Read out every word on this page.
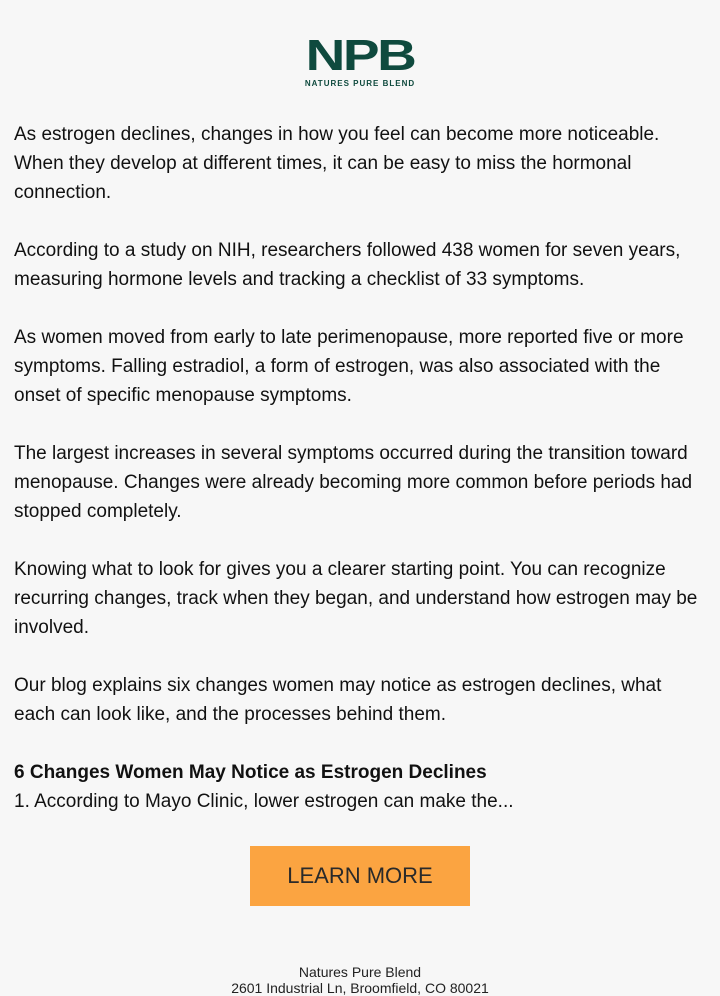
NPB
NATURES PURE BLEND

As estrogen declines, changes in how you feel can become more noticeable. When they develop at different times, it can be easy to miss the hormonal connection.

According to a study on NIH, researchers followed 438 women for seven years, measuring hormone levels and tracking a checklist of 33 symptoms.

As women moved from early to late perimenopause, more reported five or more symptoms. Falling estradiol, a form of estrogen, was also associated with the onset of specific menopause symptoms.

The largest increases in several symptoms occurred during the transition toward menopause. Changes were already becoming more common before periods had stopped completely.

Knowing what to look for gives you a clearer starting point. You can recognize recurring changes, track when they began, and understand how estrogen may be involved.

Our blog explains six changes women may notice as estrogen declines, what each can look like, and the processes behind them.

6 Changes Women May Notice as Estrogen Declines

1. According to Mayo Clinic, lower estrogen can make the...

LEARN MORE
Natures Pure Blend
2601 Industrial Ln, Broomfield, CO 80021
